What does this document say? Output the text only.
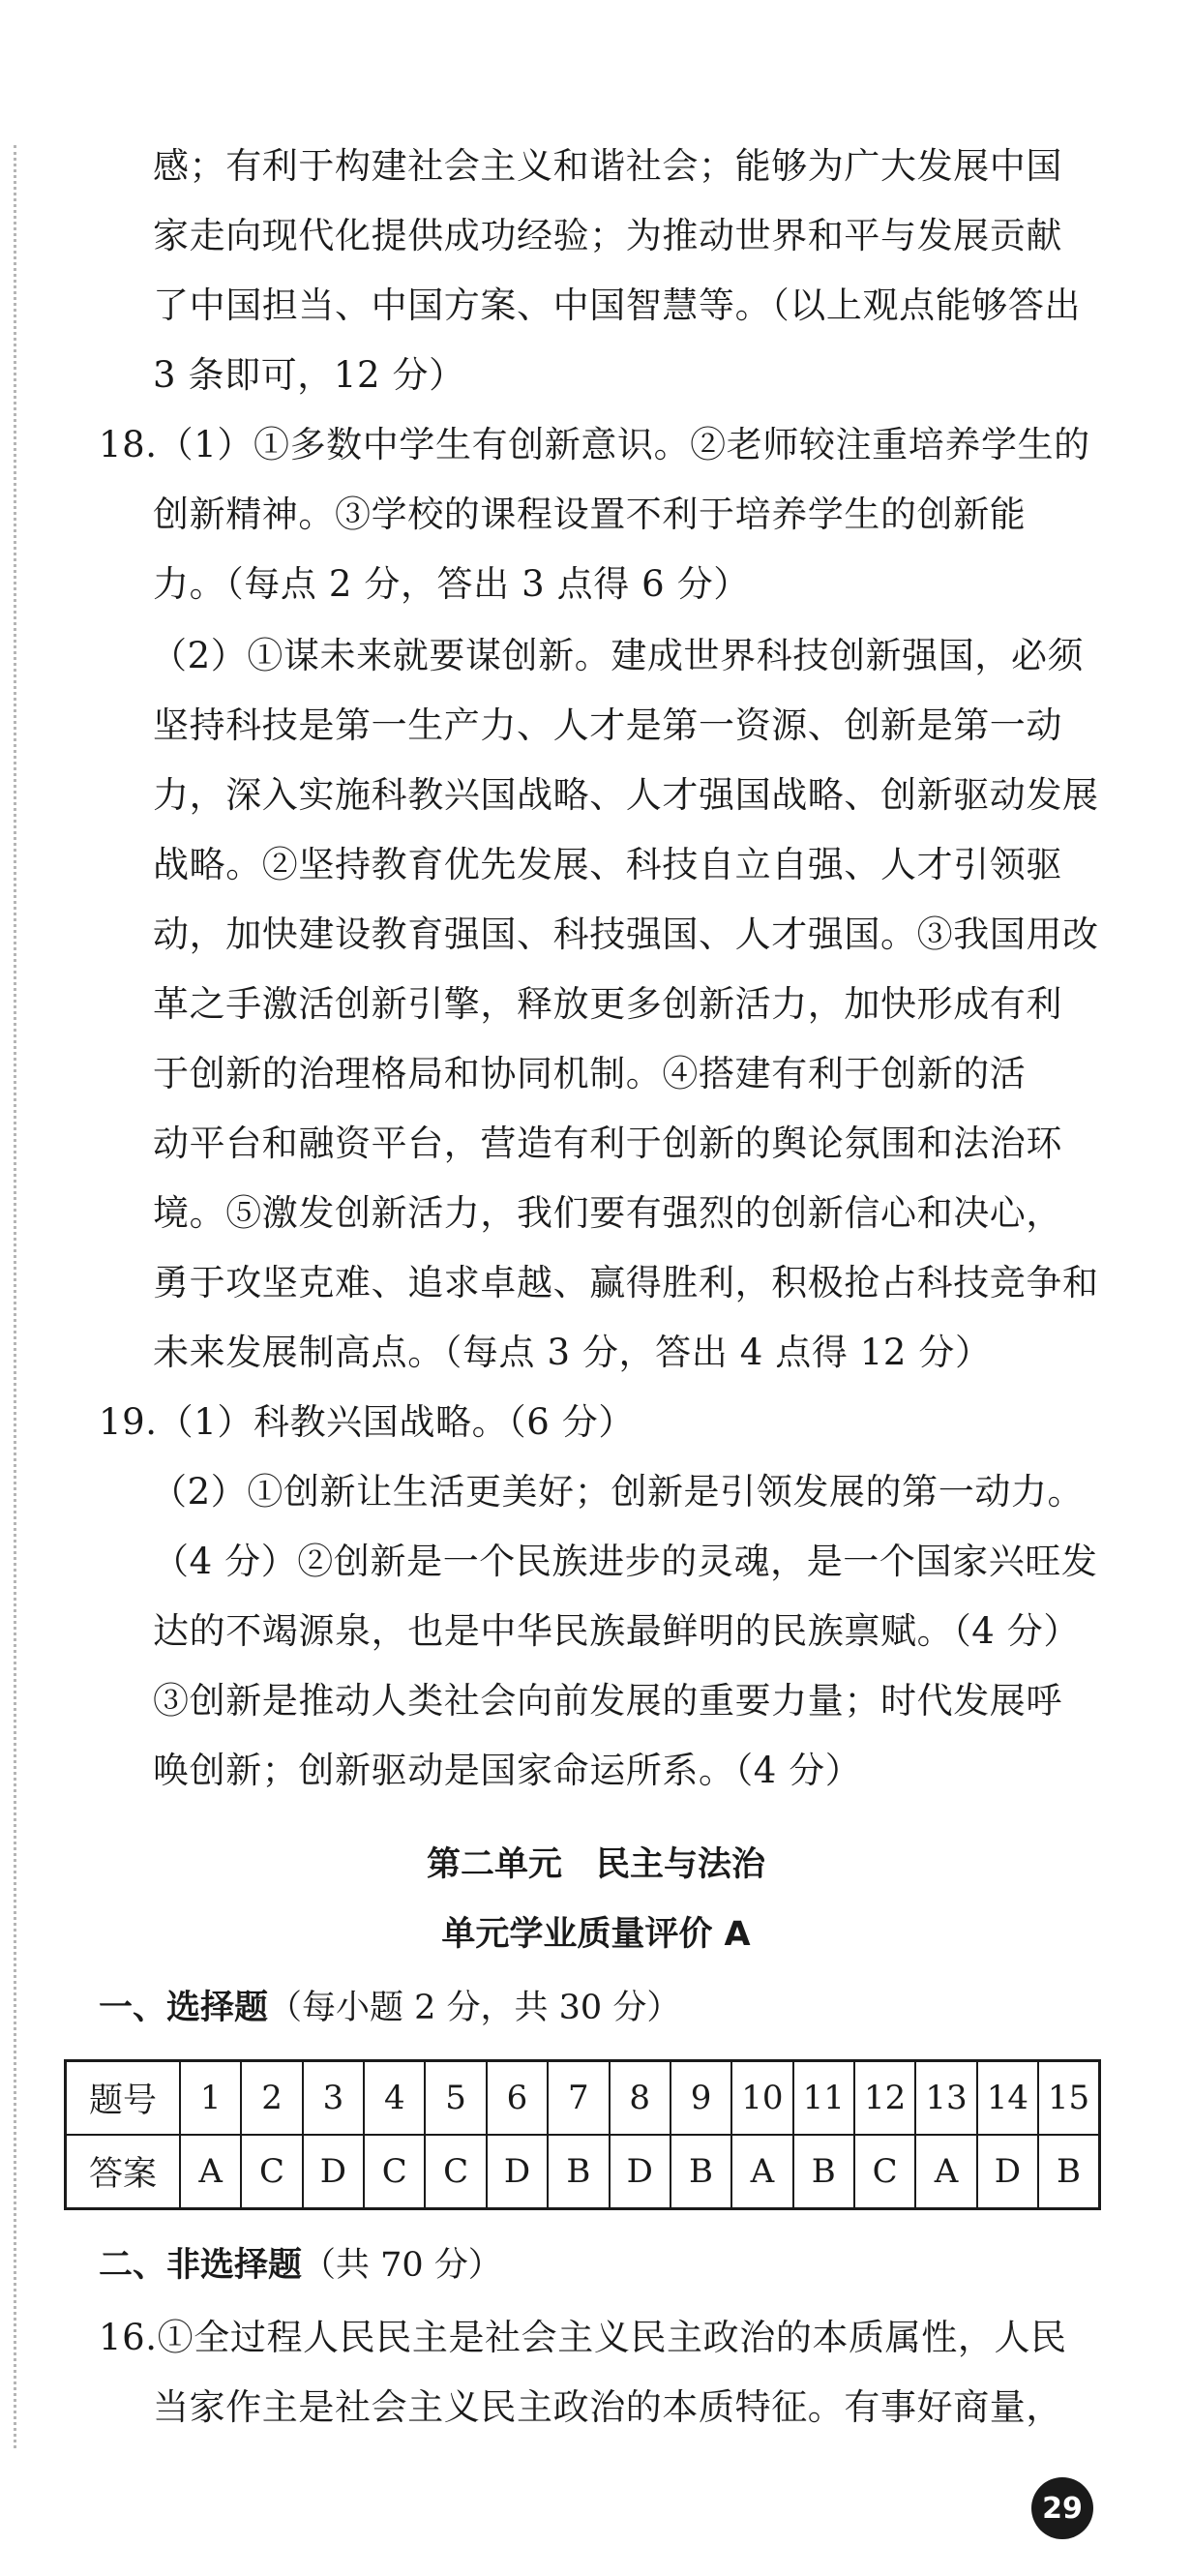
感；有利于构建社会主义和谐社会；能够为广大发展中国
家走向现代化提供成功经验；为推动世界和平与发展贡献
了中国担当、中国方案、中国智慧等。（以上观点能够答出
3 条即可，12 分）
18.（1）①多数中学生有创新意识。②老师较注重培养学生的
创新精神。③学校的课程设置不利于培养学生的创新能
力。（每点 2 分，答出 3 点得 6 分）
（2）①谋未来就要谋创新。建成世界科技创新强国，必须
坚持科技是第一生产力、人才是第一资源、创新是第一动
力，深入实施科教兴国战略、人才强国战略、创新驱动发展
战略。②坚持教育优先发展、科技自立自强、人才引领驱
动，加快建设教育强国、科技强国、人才强国。③我国用改
革之手激活创新引擎，释放更多创新活力，加快形成有利
于创新的治理格局和协同机制。④搭建有利于创新的活
动平台和融资平台，营造有利于创新的舆论氛围和法治环
境。⑤激发创新活力，我们要有强烈的创新信心和决心，
勇于攻坚克难、追求卓越、赢得胜利，积极抢占科技竞争和
未来发展制高点。（每点 3 分，答出 4 点得 12 分）
19.（1）科教兴国战略。（6 分）
（2）①创新让生活更美好；创新是引领发展的第一动力。
（4 分）②创新是一个民族进步的灵魂，是一个国家兴旺发
达的不竭源泉，也是中华民族最鲜明的民族禀赋。（4 分）
③创新是推动人类社会向前发展的重要力量；时代发展呼
唤创新；创新驱动是国家命运所系。（4 分）
第二单元　民主与法治
单元学业质量评价 A
一、选择题（每小题 2 分，共 30 分）
题号	1	2	3	4	5	6	7	8	9	10	11	12	13	14	15
答案	A	C	D	C	C	D	B	D	B	A	B	C	A	D	B
二、非选择题（共 70 分）
16.①全过程人民民主是社会主义民主政治的本质属性，人民
当家作主是社会主义民主政治的本质特征。有事好商量，
29
